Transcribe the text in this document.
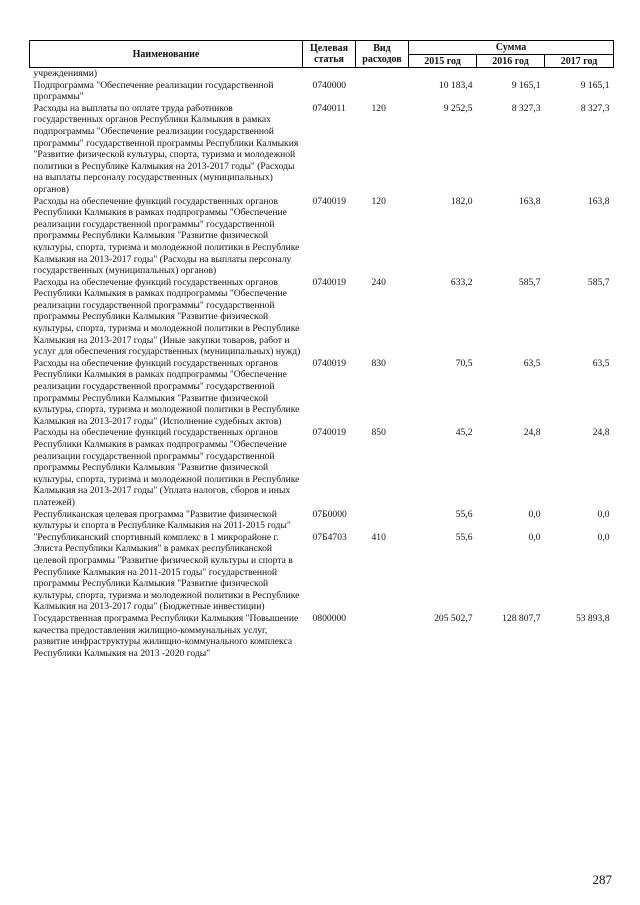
Наименование	Целевая статья	Вид расходов	Сумма		
			2015 год	2016 год	2017 год
учреждениями)					
Подпрограмма "Обеспечение реализации государственной программы"	0740000		10 183,4	9 165,1	9 165,1
Расходы на выплаты по оплате труда работников государственных органов Республики Калмыкия в рамках подпрограммы "Обеспечение реализации государственной программы" государственной программы Республики Калмыкия "Развитие физической культуры, спорта, туризма и молодежной политики в Республике Калмыкия на 2013-2017 годы" (Расходы на выплаты персоналу государственных (муниципальных) органов)	0740011	120	9 252,5	8 327,3	8 327,3
Расходы на обеспечение функций государственных органов Республики Калмыкия в рамках подпрограммы "Обеспечение реализации государственной программы" государственной программы Республики Калмыкия "Развитие физической культуры, спорта, туризма и молодежной политики в Республике Калмыкия на 2013-2017 годы" (Расходы на выплаты персоналу государственных (муниципальных) органов)	0740019	120	182,0	163,8	163,8
Расходы на обеспечение функций государственных органов Республики Калмыкия в рамках подпрограммы "Обеспечение реализации государственной программы" государственной программы Республики Калмыкия "Развитие физической культуры, спорта, туризма и молодежной политики в Республике Калмыкия на 2013-2017 годы" (Иные закупки товаров, работ и услуг для обеспечения государственных (муниципальных) нужд)	0740019	240	633,2	585,7	585,7
Расходы на обеспечение функций государственных органов Республики Калмыкия в рамках подпрограммы "Обеспечение реализации государственной программы" государственной программы Республики Калмыкия "Развитие физической культуры, спорта, туризма и молодежной политики в Республике Калмыкия на 2013-2017 годы" (Исполнение судебных актов)	0740019	830	70,5	63,5	63,5
Расходы на обеспечение функций государственных органов Республики Калмыкия в рамках подпрограммы "Обеспечение реализации государственной программы" государственной программы Республики Калмыкия "Развитие физической культуры, спорта, туризма и молодежной политики в Республике Калмыкия на 2013-2017 годы" (Уплата налогов, сборов и иных платежей)	0740019	850	45,2	24,8	24,8
Республиканская целевая программа "Развитие физической культуры и спорта в Республике Калмыкия на 2011-2015 годы"	07Б0000		55,6	0,0	0,0
"Республиканский спортивный комплекс в 1 микрорайоне г. Элиста Республики Калмыкия" в рамках республиканской целевой программы "Развитие физической культуры и спорта в Республике Калмыкия на 2011-2015 годы" государственной программы Республики Калмыкия "Развитие физической культуры, спорта, туризма и молодежной политики в Республике Калмыкия на 2013-2017 годы" (Бюджетные инвестиции)	07Б4703	410	55,6	0,0	0,0
Государственная программа Республики Калмыкия "Повышение качества предоставления жилищно-коммунальных услуг, развитие инфраструктуры жилищно-коммунального комплекса Республики Калмыкия на 2013 -2020 годы"	0800000		205 502,7	128 807,7	53 893,8
287
